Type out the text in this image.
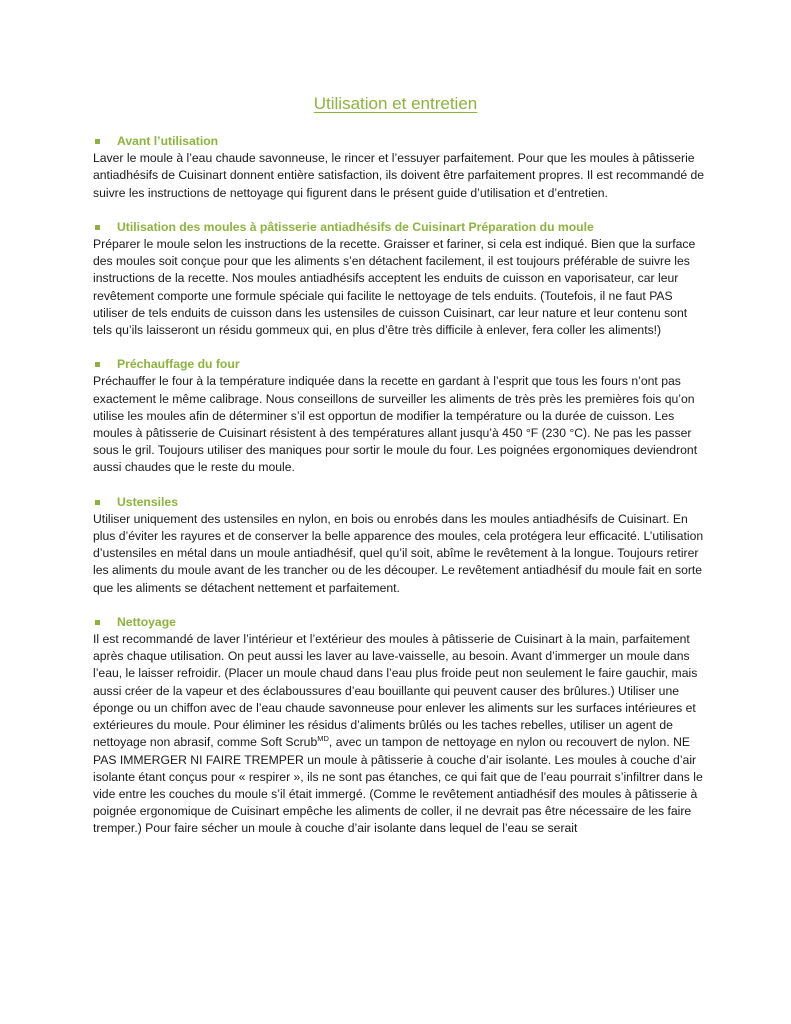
Utilisation et entretien
Avant l’utilisation

Laver le moule à l’eau chaude savonneuse, le rincer et l’essuyer parfaitement. Pour que les moules à pâtisserie antiadhésifs de Cuisinart donnent entière satisfaction, ils doivent être parfaitement propres. Il est recommandé de suivre les instructions de nettoyage qui figurent dans le présent guide d’utilisation et d’entretien.

Utilisation des moules à pâtisserie antiadhésifs de Cuisinart Préparation du moule

Préparer le moule selon les instructions de la recette. Graisser et fariner, si cela est indiqué. Bien que la surface des moules soit conçue pour que les aliments s’en détachent facilement, il est toujours préférable de suivre les instructions de la recette. Nos moules antiadhésifs acceptent les enduits de cuisson en vaporisateur, car leur revêtement comporte une formule spéciale qui facilite le nettoyage de tels enduits. (Toutefois, il ne faut PAS utiliser de tels enduits de cuisson dans les ustensiles de cuisson Cuisinart, car leur nature et leur contenu sont tels qu’ils laisseront un résidu gommeux qui, en plus d’être très difficile à enlever, fera coller les aliments!)

Préchauffage du four

Préchauffer le four à la température indiquée dans la recette en gardant à l’esprit que tous les fours n’ont pas exactement le même calibrage. Nous conseillons de surveiller les aliments de très près les premières fois qu’on utilise les moules afin de déterminer s’il est opportun de modifier la température ou la durée de cuisson. Les moules à pâtisserie de Cuisinart résistent à des températures allant jusqu’à 450 °F (230 °C). Ne pas les passer sous le gril. Toujours utiliser des maniques pour sortir le moule du four. Les poignées ergonomiques deviendront aussi chaudes que le reste du moule.

Ustensiles

Utiliser uniquement des ustensiles en nylon, en bois ou enrobés dans les moules antiadhésifs de Cuisinart. En plus d’éviter les rayures et de conserver la belle apparence des moules, cela protégera leur efficacité. L’utilisation d’ustensiles en métal dans un moule antiadhésif, quel qu’il soit, abîme le revêtement à la longue. Toujours retirer les aliments du moule avant de les trancher ou de les découper. Le revêtement antiadhésif du moule fait en sorte que les aliments se détachent nettement et parfaitement.

Nettoyage

Il est recommandé de laver l’intérieur et l’extérieur des moules à pâtisserie de Cuisinart à la main, parfaitement après chaque utilisation. On peut aussi les laver au lave-vaisselle, au besoin. Avant d’immerger un moule dans l’eau, le laisser refroidir. (Placer un moule chaud dans l’eau plus froide peut non seulement le faire gauchir, mais aussi créer de la vapeur et des éclaboussures d’eau bouillante qui peuvent causer des brûlures.) Utiliser une éponge ou un chiffon avec de l’eau chaude savonneuse pour enlever les aliments sur les surfaces intérieures et extérieures du moule. Pour éliminer les résidus d’aliments brûlés ou les taches rebelles, utiliser un agent de nettoyage non abrasif, comme Soft Scrub$^{MD}$, avec un tampon de nettoyage en nylon ou recouvert de nylon. NE PAS IMMERGER NI FAIRE TREMPER un moule à pâtisserie à couche d’air isolante. Les moules à couche d’air isolante étant conçus pour « respirer », ils ne sont pas étanches, ce qui fait que de l’eau pourrait s’infiltrer dans le vide entre les couches du moule s’il était immergé. (Comme le revêtement antiadhésif des moules à pâtisserie à poignée ergonomique de Cuisinart empêche les aliments de coller, il ne devrait pas être nécessaire de les faire tremper.) Pour faire sécher un moule à couche d’air isolante dans lequel de l’eau se serait
